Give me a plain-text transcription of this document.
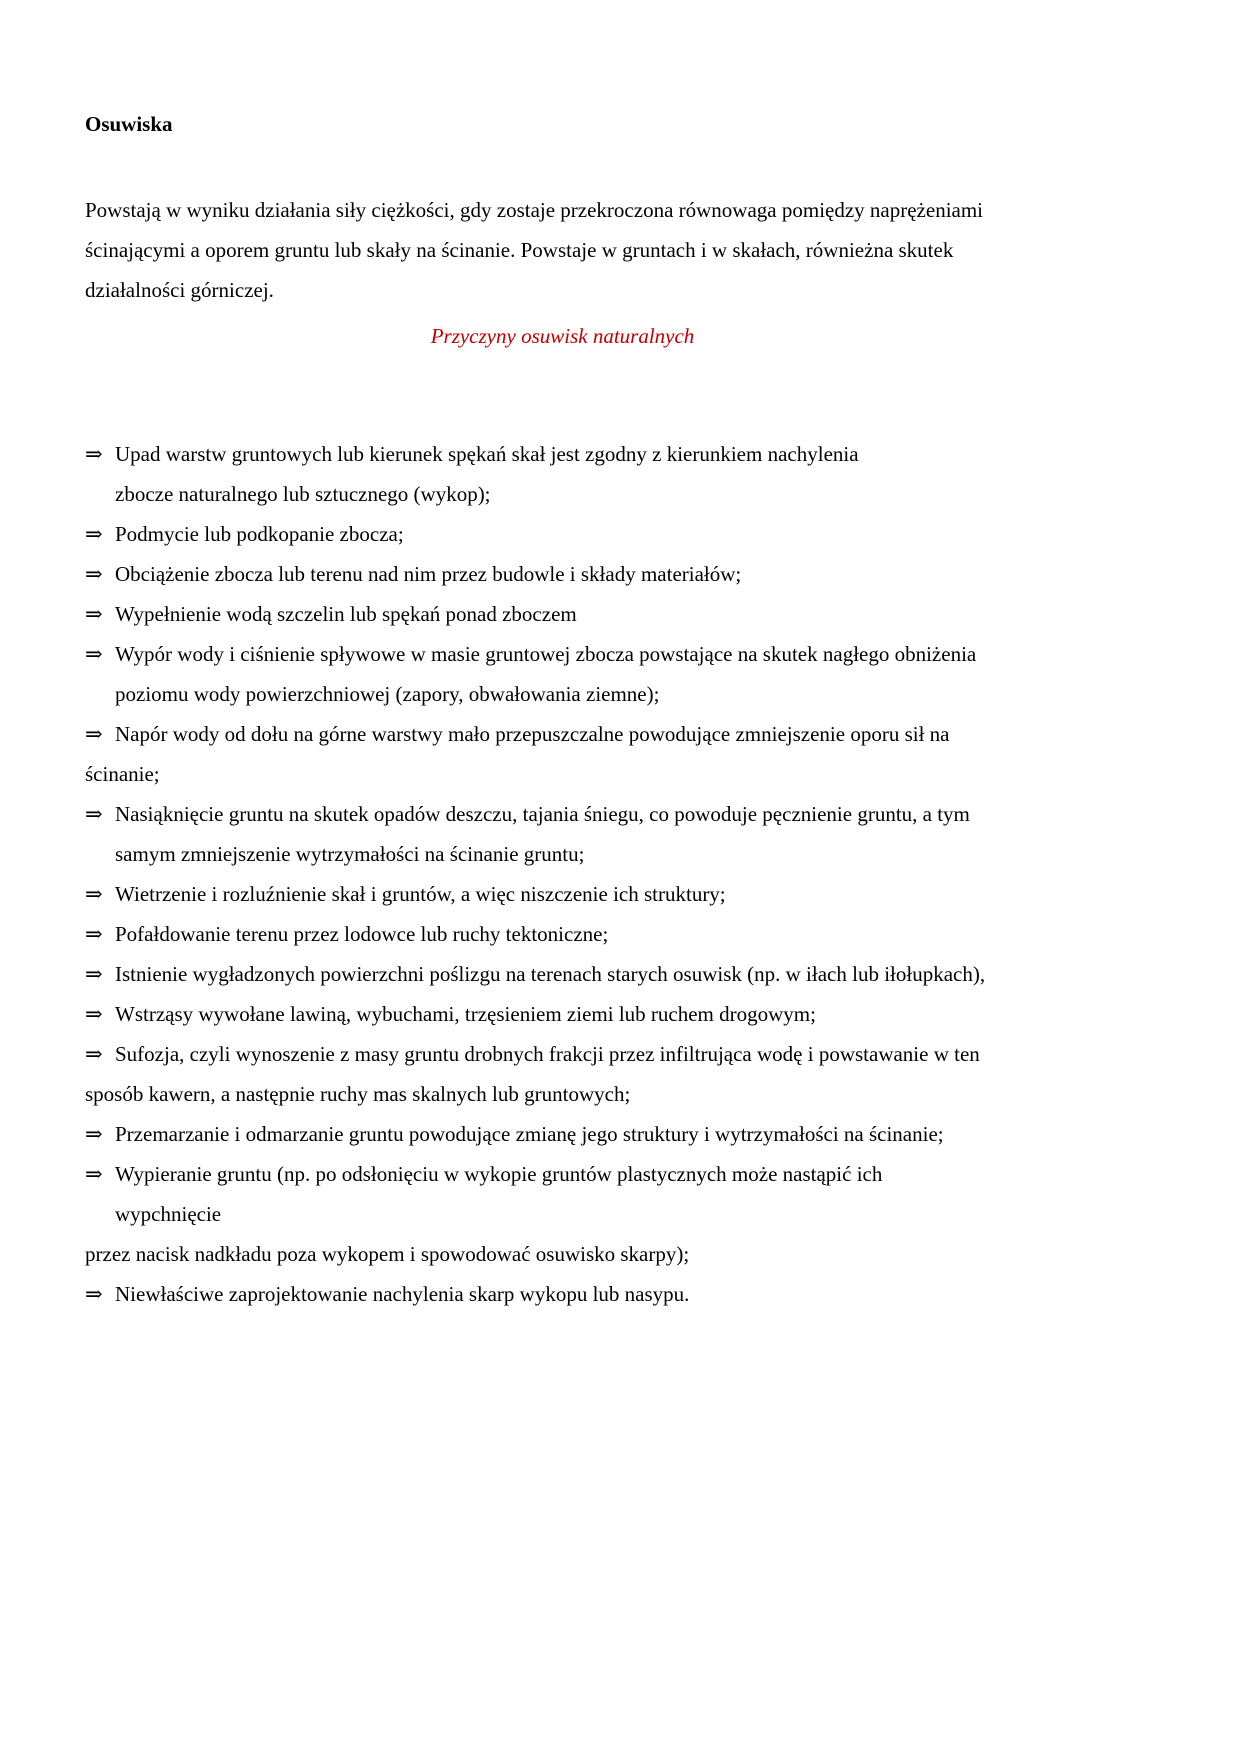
Osuwiska

Powstają w wyniku działania siły ciężkości, gdy zostaje przekroczona równowaga pomiędzy naprężeniami ścinającymi a oporem gruntu lub skały na ścinanie. Powstaje w gruntach i w skałach, równieżna skutek działalności górniczej.

Przyczyny osuwisk naturalnych

⇒ Upad warstw gruntowych lub kierunek spękań skał jest zgodny z kierunkiem nachylenia
zbocze naturalnego lub sztucznego (wykop);
⇒ Podmycie lub podkopanie zbocza;
⇒ Obciążenie zbocza lub terenu nad nim przez budowle i składy materiałów;
⇒ Wypełnienie wodą szczelin lub spękań ponad zboczem
⇒ Wypór wody i ciśnienie spływowe w masie gruntowej zbocza powstające na skutek nagłego obniżenia
poziomu wody powierzchniowej (zapory, obwałowania ziemne);
⇒ Napór wody od dołu na górne warstwy mało przepuszczalne powodujące zmniejszenie oporu sił na
ścinanie;
⇒ Nasiąknięcie gruntu na skutek opadów deszczu, tajania śniegu, co powoduje pęcznienie gruntu, a tym
samym zmniejszenie wytrzymałości na ścinanie gruntu;
⇒ Wietrzenie i rozluźnienie skał i gruntów, a więc niszczenie ich struktury;
⇒ Pofałdowanie terenu przez lodowce lub ruchy tektoniczne;
⇒ Istnienie wygładzonych powierzchni poślizgu na terenach starych osuwisk (np. w iłach lub iłołupkach),
⇒ Wstrząsy wywołane lawiną, wybuchami, trzęsieniem ziemi lub ruchem drogowym;
⇒ Sufozja, czyli wynoszenie z masy gruntu drobnych frakcji przez infiltrująca wodę i powstawanie w ten
sposób kawern, a następnie ruchy mas skalnych lub gruntowych;
⇒ Przemarzanie i odmarzanie gruntu powodujące zmianę jego struktury i wytrzymałości na ścinanie;
⇒ Wypieranie gruntu (np. po odsłonięciu w wykopie gruntów plastycznych może nastąpić ich
wypchnięcie
przez nacisk nadkładu poza wykopem i spowodować osuwisko skarpy);
⇒ Niewłaściwe zaprojektowanie nachylenia skarp wykopu lub nasypu.
